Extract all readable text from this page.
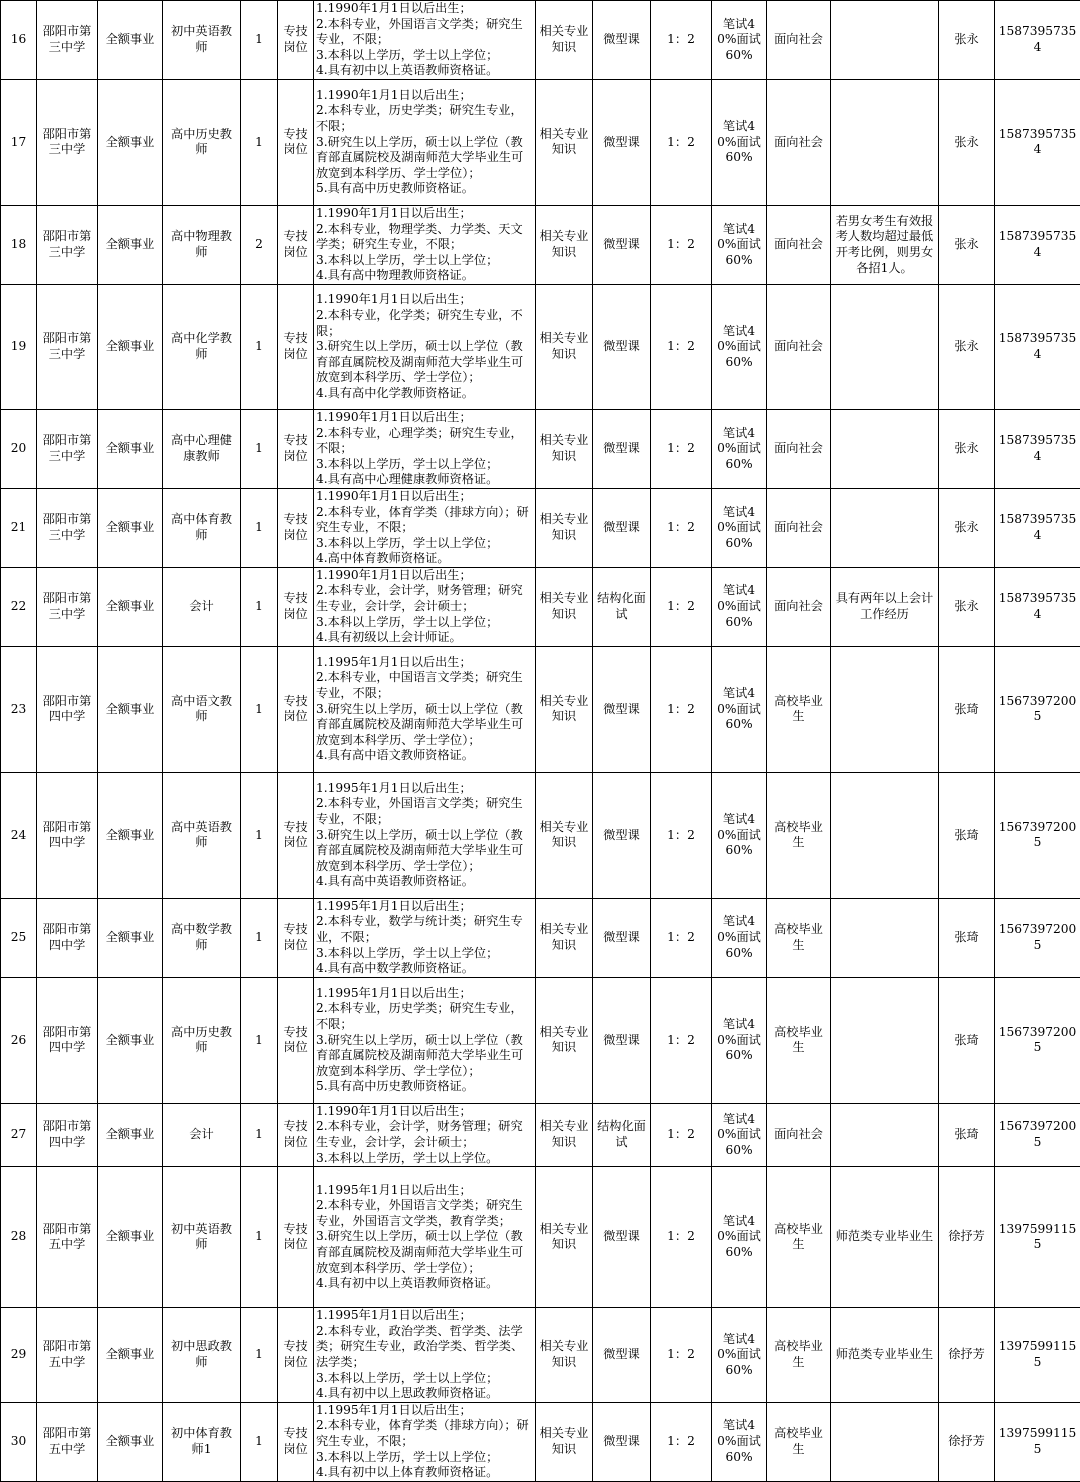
16	邵阳市第三中学	全额事业	初中英语教师	1	专技岗位	1.1990年1月1日以后出生；
2.本科专业，外国语言文学类；研究生专业，不限；
3.本科以上学历，学士以上学位；
4.具有初中以上英语教师资格证。	相关专业知识	微型课	1：2	笔试40%面试60%	面向社会		张永	15873957354
17	邵阳市第三中学	全额事业	高中历史教师	1	专技岗位	1.1990年1月1日以后出生；
2.本科专业，历史学类；研究生专业，不限；
3.研究生以上学历，硕士以上学位（教育部直属院校及湖南师范大学毕业生可放宽到本科学历、学士学位）；
5.具有高中历史教师资格证。	相关专业知识	微型课	1：2	笔试40%面试60%	面向社会		张永	15873957354
18	邵阳市第三中学	全额事业	高中物理教师	2	专技岗位	1.1990年1月1日以后出生；
2.本科专业，物理学类、力学类、天文学类；研究生专业，不限；
3.本科以上学历，学士以上学位；
4.具有高中物理教师资格证。	相关专业知识	微型课	1：2	笔试40%面试60%	面向社会	若男女考生有效报考人数均超过最低开考比例，则男女各招1人。	张永	15873957354
19	邵阳市第三中学	全额事业	高中化学教师	1	专技岗位	1.1990年1月1日以后出生；
2.本科专业，化学类；研究生专业，不限；
3.研究生以上学历，硕士以上学位（教育部直属院校及湖南师范大学毕业生可放宽到本科学历、学士学位）；
4.具有高中化学教师资格证。	相关专业知识	微型课	1：2	笔试40%面试60%	面向社会		张永	15873957354
20	邵阳市第三中学	全额事业	高中心理健康教师	1	专技岗位	1.1990年1月1日以后出生；
2.本科专业，心理学类；研究生专业，不限；
3.本科以上学历，学士以上学位；
4.具有高中心理健康教师资格证。	相关专业知识	微型课	1：2	笔试40%面试60%	面向社会		张永	15873957354
21	邵阳市第三中学	全额事业	高中体育教师	1	专技岗位	1.1990年1月1日以后出生；
2.本科专业，体育学类（排球方向）；研究生专业，不限；
3.本科以上学历，学士以上学位；
4.高中体育教师资格证。	相关专业知识	微型课	1：2	笔试40%面试60%	面向社会		张永	15873957354
22	邵阳市第三中学	全额事业	会计	1	专技岗位	1.1990年1月1日以后出生；
2.本科专业，会计学，财务管理；研究生专业，会计学，会计硕士；
3.本科以上学历，学士以上学位；
4.具有初级以上会计师证。	相关专业知识	结构化面试	1：2	笔试40%面试60%	面向社会	具有两年以上会计工作经历	张永	15873957354
23	邵阳市第四中学	全额事业	高中语文教师	1	专技岗位	1.1995年1月1日以后出生；
2.本科专业，中国语言文学类；研究生专业，不限；
3.研究生以上学历，硕士以上学位（教育部直属院校及湖南师范大学毕业生可放宽到本科学历、学士学位）；
4.具有高中语文教师资格证。	相关专业知识	微型课	1：2	笔试40%面试60%	高校毕业生		张琦	15673972005
24	邵阳市第四中学	全额事业	高中英语教师	1	专技岗位	1.1995年1月1日以后出生；
2.本科专业，外国语言文学类；研究生专业，不限；
3.研究生以上学历，硕士以上学位（教育部直属院校及湖南师范大学毕业生可放宽到本科学历、学士学位）；
4.具有高中英语教师资格证。	相关专业知识	微型课	1：2	笔试40%面试60%	高校毕业生		张琦	15673972005
25	邵阳市第四中学	全额事业	高中数学教师	1	专技岗位	1.1995年1月1日以后出生；
2.本科专业，数学与统计类；研究生专业，不限；
3.本科以上学历，学士以上学位；
4.具有高中数学教师资格证。	相关专业知识	微型课	1：2	笔试40%面试60%	高校毕业生		张琦	15673972005
26	邵阳市第四中学	全额事业	高中历史教师	1	专技岗位	1.1995年1月1日以后出生；
2.本科专业，历史学类；研究生专业，不限；
3.研究生以上学历，硕士以上学位（教育部直属院校及湖南师范大学毕业生可放宽到本科学历、学士学位）；
5.具有高中历史教师资格证。	相关专业知识	微型课	1：2	笔试40%面试60%	高校毕业生		张琦	15673972005
27	邵阳市第四中学	全额事业	会计	1	专技岗位	1.1990年1月1日以后出生；
2.本科专业，会计学，财务管理；研究生专业，会计学，会计硕士；
3.本科以上学历，学士以上学位。	相关专业知识	结构化面试	1：2	笔试40%面试60%	面向社会		张琦	15673972005
28	邵阳市第五中学	全额事业	初中英语教师	1	专技岗位	1.1995年1月1日以后出生；
2.本科专业，外国语言文学类；研究生专业，外国语言文学类，教育学类；
3.研究生以上学历，硕士以上学位（教育部直属院校及湖南师范大学毕业生可放宽到本科学历、学士学位）；
4.具有初中以上英语教师资格证。	相关专业知识	微型课	1：2	笔试40%面试60%	高校毕业生	师范类专业毕业生	徐抒芳	13975991155
29	邵阳市第五中学	全额事业	初中思政教师	1	专技岗位	1.1995年1月1日以后出生；
2.本科专业，政治学类、哲学类、法学类；研究生专业，政治学类、哲学类、法学类；
3.本科以上学历，学士以上学位；
4.具有初中以上思政教师资格证。	相关专业知识	微型课	1：2	笔试40%面试60%	高校毕业生	师范类专业毕业生	徐抒芳	13975991155
30	邵阳市第五中学	全额事业	初中体育教师1	1	专技岗位	1.1995年1月1日以后出生；
2.本科专业，体育学类（排球方向）；研究生专业，不限；
3.本科以上学历，学士以上学位；
4.具有初中以上体育教师资格证。	相关专业知识	微型课	1：2	笔试40%面试60%	高校毕业生		徐抒芳	13975991155
